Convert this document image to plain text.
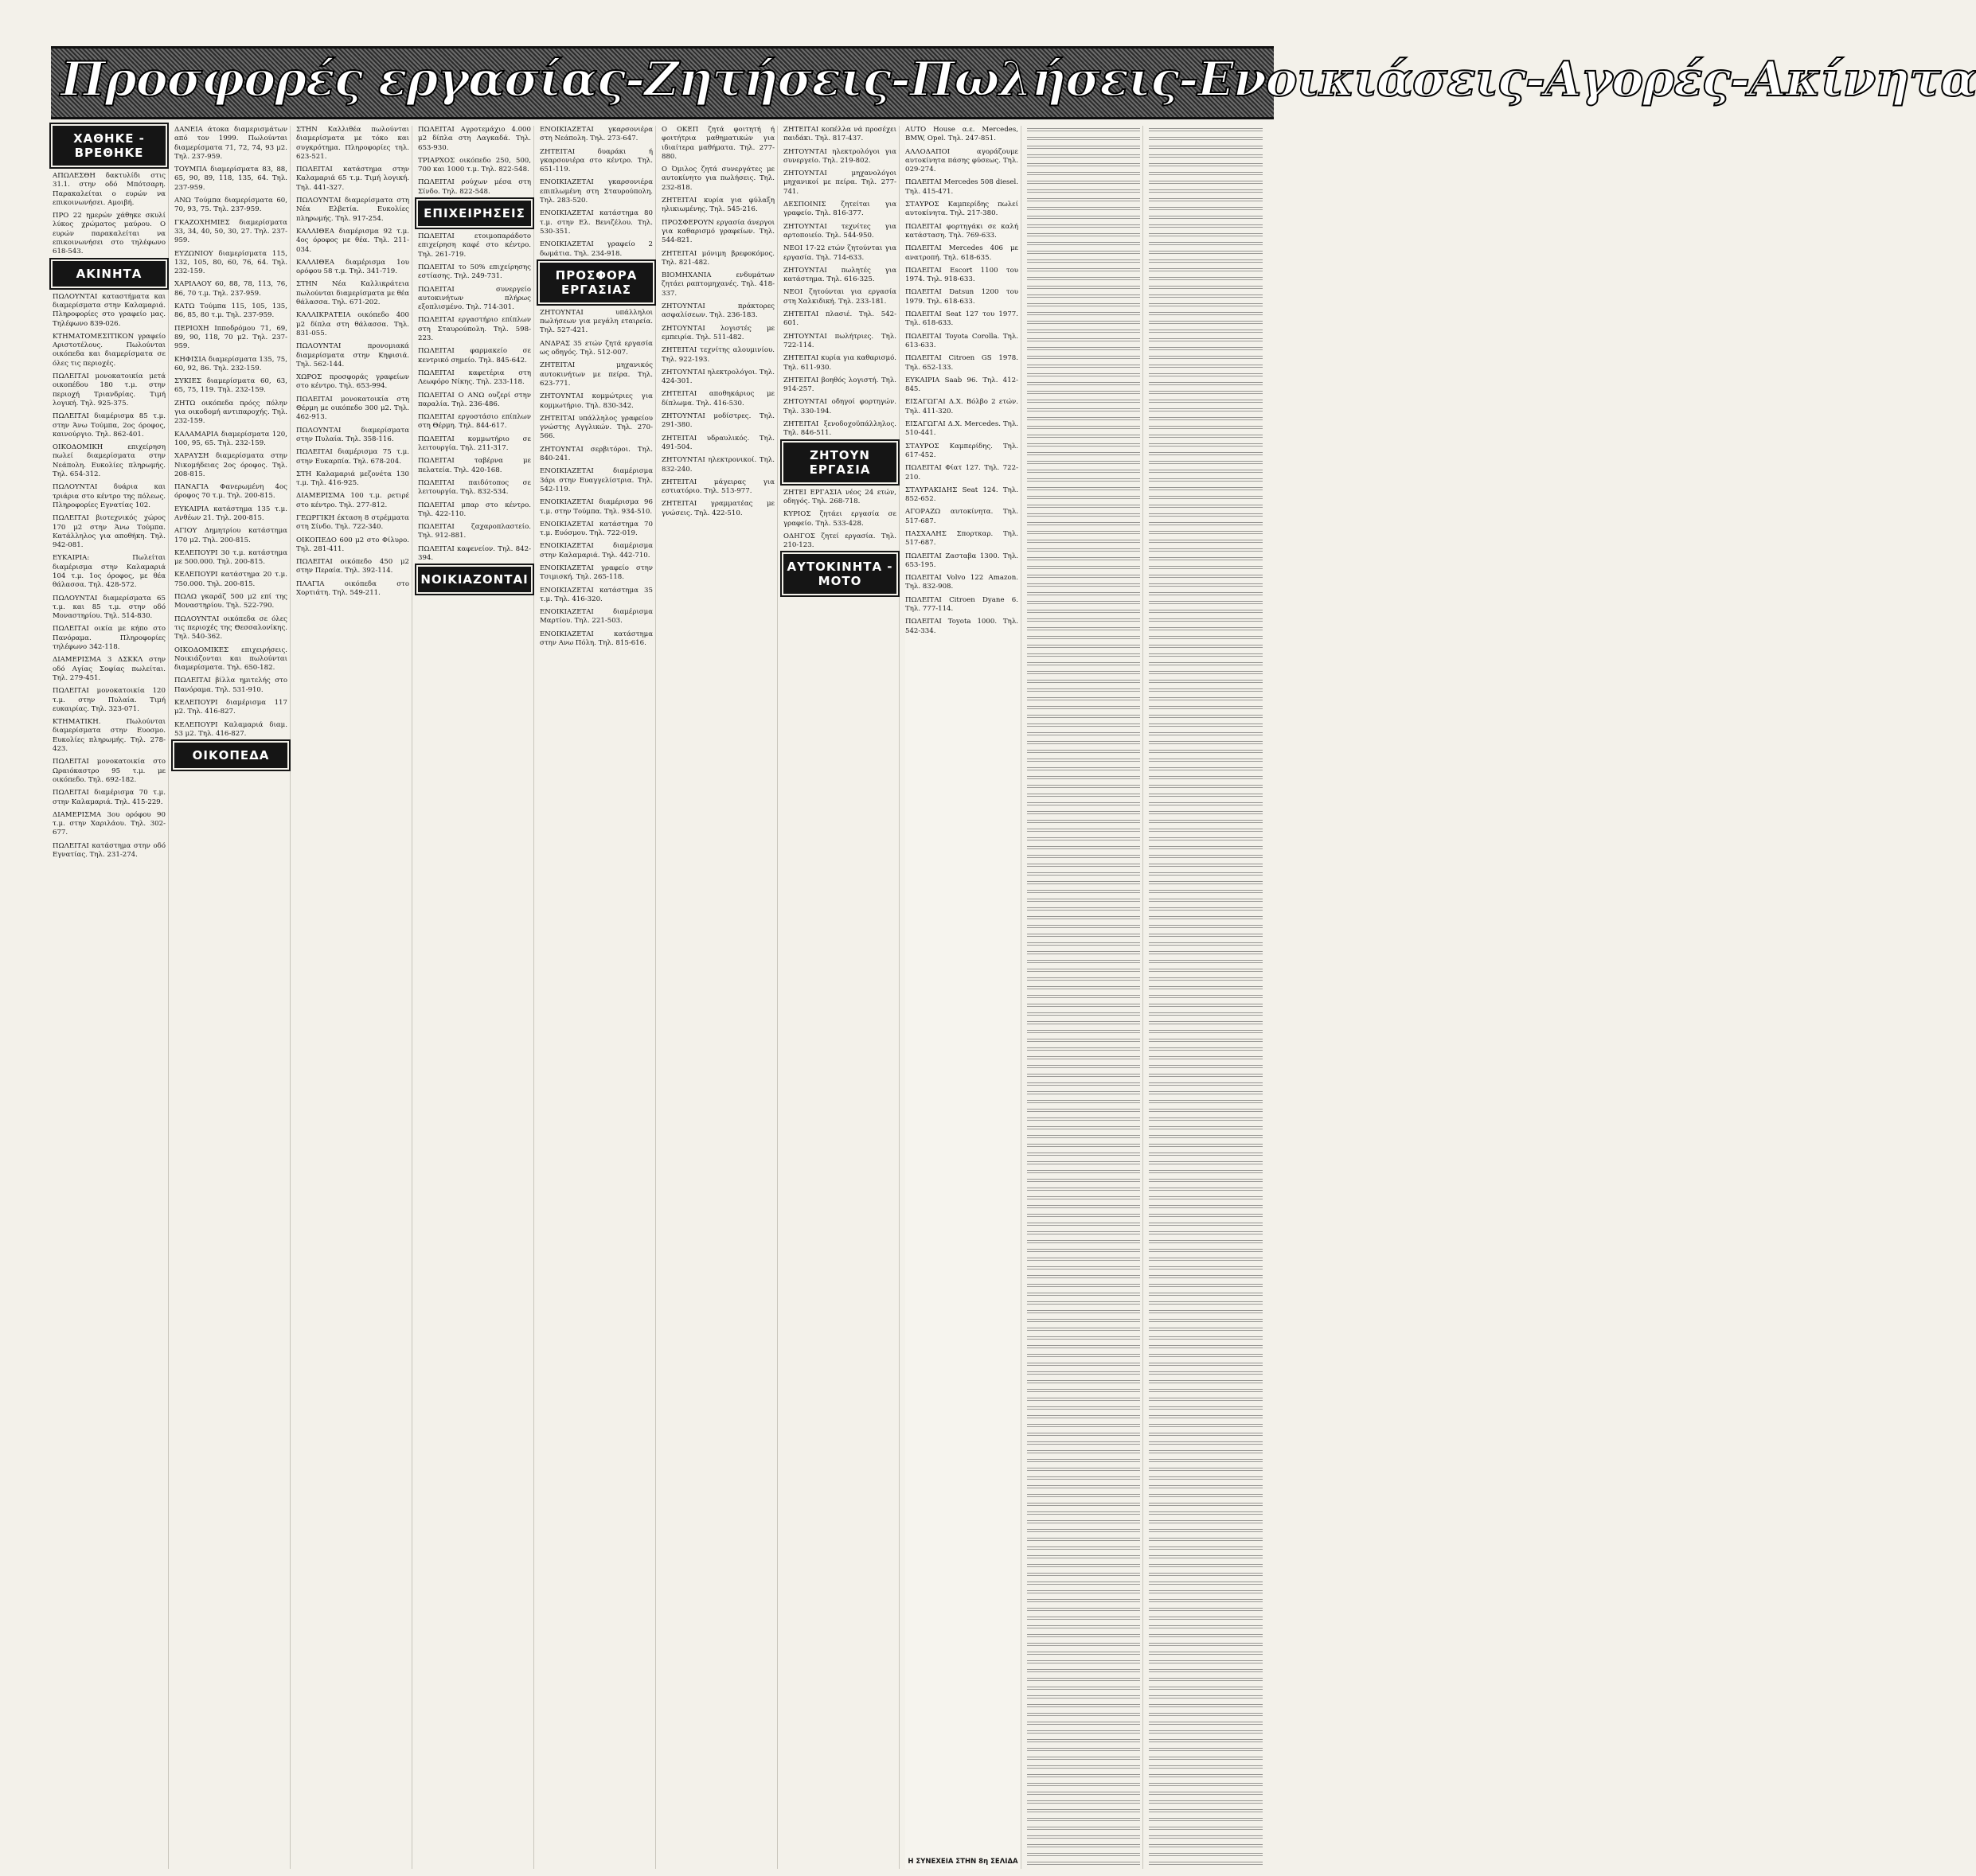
Προσφορές εργασίας-Ζητήσεις-Πωλήσεις-Ενοικιάσεις-Αγορές-Ακίνητα
ΧΑΘΗΚΕ - ΒΡΕΘΗΚΕ

ΑΠΩΛΕΣΘΗ δακτυλίδι στις 31.1. στην οδό Μπότσαρη. Παρακαλείται ο ευρών να επικοινωνήσει. Αμοιβή.

ΠΡΟ 22 ημερών χάθηκε σκυλί λύκος χρώματος μαύρου. Ο ευρών παρακαλείται να επικοινωνήσει στο τηλέφωνο 618-543.

ΑΚΙΝΗΤΑ

ΠΩΛΟΥΝΤΑΙ καταστήματα και διαμερίσματα στην Καλαμαριά. Πληροφορίες στο γραφείο μας. Τηλέφωνο 839-026.

ΚΤΗΜΑΤΟΜΕΣΙΤΙΚΟΝ γραφείο Αριστοτέλους. Πωλούνται οικόπεδα και διαμερίσματα σε όλες τις περιοχές.

ΠΩΛΕΙΤΑΙ μονοκατοικία μετά οικοπέδου 180 τ.μ. στην περιοχή Τριανδρίας. Τιμή λογική. Τηλ. 925-375.

ΠΩΛΕΙΤΑΙ διαμέρισμα 85 τ.μ. στην Άνω Τούμπα, 2ος όροφος, καινούργιο. Τηλ. 862-401.

ΟΙΚΟΔΟΜΙΚΗ επιχείρηση πωλεί διαμερίσματα στην Νεάπολη. Ευκολίες πληρωμής. Τηλ. 654-312.

ΠΩΛΟΥΝΤΑΙ δυάρια και τριάρια στο κέντρο της πόλεως. Πληροφορίες Εγνατίας 102.

ΠΩΛΕΙΤΑΙ βιοτεχνικός χώρος 170 μ2 στην Άνω Τούμπα. Κατάλληλος για αποθήκη. Τηλ. 942-081.

ΕΥΚΑΙΡΙΑ: Πωλείται διαμέρισμα στην Καλαμαριά 104 τ.μ. 1ος όροφος, με θέα θάλασσα. Τηλ. 428-572.

ΠΩΛΟΥΝΤΑΙ διαμερίσματα 65 τ.μ. και 85 τ.μ. στην οδό Μοναστηρίου. Τηλ. 514-830.

ΠΩΛΕΙΤΑΙ οικία με κήπο στο Πανόραμα. Πληροφορίες τηλέφωνο 342-118.

ΔΙΑΜΕΡΙΣΜΑ 3 ΔΣΚΚΛ στην οδό Αγίας Σοφίας πωλείται. Τηλ. 279-451.

ΠΩΛΕΙΤΑΙ μονοκατοικία 120 τ.μ. στην Πυλαία. Τιμή ευκαιρίας. Τηλ. 323-071.

ΚΤΗΜΑΤΙΚΗ. Πωλούνται διαμερίσματα στην Ευοσμο. Ευκολίες πληρωμής. Τηλ. 278-423.

ΠΩΛΕΙΤΑΙ μονοκατοικία στο Ωραιόκαστρο 95 τ.μ. με οικόπεδο. Τηλ. 692-182.

ΠΩΛΕΙΤΑΙ διαμέρισμα 70 τ.μ. στην Καλαμαριά. Τηλ. 415-229.

ΔΙΑΜΕΡΙΣΜΑ 3ου ορόφου 90 τ.μ. στην Χαριλάου. Τηλ. 302-677.

ΠΩΛΕΙΤΑΙ κατάστημα στην οδό Εγνατίας. Τηλ. 231-274.

ΔΑΝΕΙΑ άτοκα διαμερισμάτων από τον 1999. Πωλούνται διαμερίσματα 71, 72, 74, 93 μ2. Τηλ. 237-959.

ΤΟΥΜΠΑ διαμερίσματα 83, 88, 65, 90, 89, 118, 135, 64. Τηλ. 237-959.

ΑΝΩ Τούμπα διαμερίσματα 60, 70, 93, 75. Τηλ. 237-959.

ΓΚΑΖΟΧΗΜΙΕΣ διαμερίσματα 33, 34, 40, 50, 30, 27. Τηλ. 237-959.

ΕΥΖΩΝΙΟΥ διαμερίσματα 115, 132, 105, 80, 60, 76, 64. Τηλ. 232-159.

ΧΑΡΙΛΑΟΥ 60, 88, 78, 113, 76, 86, 70 τ.μ. Τηλ. 237-959.

ΚΑΤΩ Τούμπα 115, 105, 135, 86, 85, 80 τ.μ. Τηλ. 237-959.

ΠΕΡΙΟΧΗ Ιπποδρόμου 71, 69, 89, 90, 118, 70 μ2. Τηλ. 237-959.

ΚΗΦΙΣΙΑ διαμερίσματα 135, 75, 60, 92, 86. Τηλ. 232-159.

ΣΥΚΙΕΣ διαμερίσματα 60, 63, 65, 75, 119. Τηλ. 232-159.

ΖΗΤΩ οικόπεδα πρόςς πόλην για οικοδομή αντιπαροχής. Τηλ. 232-159.

ΚΑΛΑΜΑΡΙΑ διαμερίσματα 120, 100, 95, 65. Τηλ. 232-159.

ΧΑΡΑΥΣΗ διαμερίσματα στην Νικομήδειας 2ος όροφος. Τηλ. 208-815.

ΠΑΝΑΓΙΑ Φανερωμένη 4ος όροφος 70 τ.μ. Τηλ. 200-815.

ΕΥΚΑΙΡΙΑ κατάστημα 135 τ.μ. Ανθέων 21. Τηλ. 200-815.

ΑΓΙΟΥ Δημητρίου κατάστημα 170 μ2. Τηλ. 200-815.

ΚΕΛΕΠΟΥΡΙ 30 τ.μ. κατάστημα με 500.000. Τηλ. 200-815.

ΚΕΛΕΠΟΥΡΙ κατάστημα 20 τ.μ. 750.000. Τηλ. 200-815.

ΠΩΛΩ γκαράζ 500 μ2 επί της Μοναστηρίου. Τηλ. 522-790.

ΠΩΛΟΥΝΤΑΙ οικόπεδα σε όλες τις περιοχές της Θεσσαλονίκης. Τηλ. 540-362.

ΟΙΚΟΔΟΜΙΚΕΣ επιχειρήσεις. Νοικιάζονται και πωλούνται διαμερίσματα. Τηλ. 650-182.

ΠΩΛΕΙΤΑΙ βίλλα ημιτελής στο Πανόραμα. Τηλ. 531-910.

ΚΕΛΕΠΟΥΡΙ διαμέρισμα 117 μ2. Τηλ. 416-827.

ΚΕΛΕΠΟΥΡΙ Καλαμαριά διαμ. 53 μ2. Τηλ. 416-827.

ΟΙΚΟΠΕΔΑ

ΣΤΗΝ Καλλιθέα πωλούνται διαμερίσματα με τόκο και συγκρότημα. Πληροφορίες τηλ. 623-521.

ΠΩΛΕΙΤΑΙ κατάστημα στην Καλαμαριά 65 τ.μ. Τιμή λογική. Τηλ. 441-327.

ΠΩΛΟΥΝΤΑΙ διαμερίσματα στη Νέα Ελβετία. Ευκολίες πληρωμής. Τηλ. 917-254.

ΚΑΛΛΙΘΕΑ διαμέρισμα 92 τ.μ. 4ος όροφος με θέα. Τηλ. 211-034.

ΚΑΛΛΙΘΕΑ διαμέρισμα 1ου ορόφου 58 τ.μ. Τηλ. 341-719.

ΣΤΗΝ Νέα Καλλικράτεια πωλούνται διαμερίσματα με θέα θάλασσα. Τηλ. 671-202.

ΚΑΛΛΙΚΡΑΤΕΙΑ οικόπεδο 400 μ2 δίπλα στη θάλασσα. Τηλ. 831-055.

ΠΩΛΟΥΝΤΑΙ προνομιακά διαμερίσματα στην Κηφισιά. Τηλ. 562-144.

ΧΩΡΟΣ προσφοράς γραφείων στο κέντρο. Τηλ. 653-994.

ΠΩΛΕΙΤΑΙ μονοκατοικία στη Θέρμη με οικόπεδο 300 μ2. Τηλ. 462-913.

ΠΩΛΟΥΝΤΑΙ διαμερίσματα στην Πυλαία. Τηλ. 358-116.

ΠΩΛΕΙΤΑΙ διαμέρισμα 75 τ.μ. στην Ευκαρπία. Τηλ. 678-204.

ΣΤΗ Καλαμαριά μεζονέτα 130 τ.μ. Τηλ. 416-925.

ΔΙΑΜΕΡΙΣΜΑ 100 τ.μ. ρετιρέ στο κέντρο. Τηλ. 277-812.

ΓΕΩΡΓΙΚΗ έκταση 8 στρέμματα στη Σίνδο. Τηλ. 722-340.

ΟΙΚΟΠΕΔΟ 600 μ2 στο Φίλυρο. Τηλ. 281-411.

ΠΩΛΕΙΤΑΙ οικόπεδο 450 μ2 στην Περαία. Τηλ. 392-114.

ΠΛΑΓΙΑ οικόπεδα στο Χορτιάτη. Τηλ. 549-211.

ΠΩΛΕΙΤΑΙ Αγροτεμάχιο 4.000 μ2 δίπλα στη Λαγκαδά. Τηλ. 653-930.

ΤΡΙΑΡΧΟΣ οικόπεδο 250, 500, 700 και 1000 τ.μ. Τηλ. 822-548.

ΠΩΛΕΙΤΑΙ ρούχων μέσα στη Σίνδο. Τηλ. 822-548.

ΕΠΙΧΕΙΡΗΣΕΙΣ

ΠΩΛΕΙΤΑΙ ετοιμοπαράδοτο επιχείρηση καφέ στο κέντρο. Τηλ. 261-719.

ΠΩΛΕΙΤΑΙ το 50% επιχείρησης εστίασης. Τηλ. 249-731.

ΠΩΛΕΙΤΑΙ συνεργείο αυτοκινήτων πλήρως εξοπλισμένο. Τηλ. 714-301.

ΠΩΛΕΙΤΑΙ εργαστήριο επίπλων στη Σταυρούπολη. Τηλ. 598-223.

ΠΩΛΕΙΤΑΙ φαρμακείο σε κεντρικό σημείο. Τηλ. 845-642.

ΠΩΛΕΙΤΑΙ καφετέρια στη Λεωφόρο Νίκης. Τηλ. 233-118.

ΠΩΛΕΙΤΑΙ Ο ΑΝΩ ουζερί στην παραλία. Τηλ. 236-486.

ΠΩΛΕΙΤΑΙ εργοστάσιο επίπλων στη Θέρμη. Τηλ. 844-617.

ΠΩΛΕΙΤΑΙ κομμωτήριο σε λειτουργία. Τηλ. 211-317.

ΠΩΛΕΙΤΑΙ ταβέρνα με πελατεία. Τηλ. 420-168.

ΠΩΛΕΙΤΑΙ παιδότοπος σε λειτουργία. Τηλ. 832-534.

ΠΩΛΕΙΤΑΙ μπαρ στο κέντρο. Τηλ. 422-110.

ΠΩΛΕΙΤΑΙ ζαχαροπλαστείο. Τηλ. 912-881.

ΠΩΛΕΙΤΑΙ καφενείον. Τηλ. 842-394.

ΝΟΙΚΙΑΖΟΝΤΑΙ

ΕΝΟΙΚΙΑΖΕΤΑΙ γκαρσονιέρα στη Νεάπολη. Τηλ. 273-647.

ΖΗΤΕΙΤΑΙ δυαράκι ή γκαρσονιέρα στο κέντρο. Τηλ. 651-119.

ΕΝΟΙΚΙΑΖΕΤΑΙ γκαρσονιέρα επιπλωμένη στη Σταυρούπολη. Τηλ. 283-520.

ΕΝΟΙΚΙΑΖΕΤΑΙ κατάστημα 80 τ.μ. στην Ελ. Βενιζέλου. Τηλ. 530-351.

ΕΝΟΙΚΙΑΖΕΤΑΙ γραφείο 2 δωμάτια. Τηλ. 234-918.

ΠΡΟΣΦΟΡΑ ΕΡΓΑΣΙΑΣ

ΖΗΤΟΥΝΤΑΙ υπάλληλοι πωλήσεων για μεγάλη εταιρεία. Τηλ. 527-421.

ΑΝΔΡΑΣ 35 ετών ζητά εργασία ως οδηγός. Τηλ. 512-007.

ΖΗΤΕΙΤΑΙ μηχανικός αυτοκινήτων με πείρα. Τηλ. 623-771.

ΖΗΤΟΥΝΤΑΙ κομμώτριες για κομμωτήριο. Τηλ. 830-342.

ΖΗΤΕΙΤΑΙ υπάλληλος γραφείου γνώστης Αγγλικών. Τηλ. 270-566.

ΖΗΤΟΥΝΤΑΙ σερβιτόροι. Τηλ. 840-241.

ΕΝΟΙΚΙΑΖΕΤΑΙ διαμέρισμα 3άρι στην Ευαγγελίστρια. Τηλ. 542-119.

ΕΝΟΙΚΙΑΖΕΤΑΙ διαμέρισμα 96 τ.μ. στην Τούμπα. Τηλ. 934-510.

ΕΝΟΙΚΙΑΖΕΤΑΙ κατάστημα 70 τ.μ. Ευόσμου. Τηλ. 722-019.

ΕΝΟΙΚΙΑΖΕΤΑΙ διαμέρισμα στην Καλαμαριά. Τηλ. 442-710.

ΕΝΟΙΚΙΑΖΕΤΑΙ γραφείο στην Τσιμισκή. Τηλ. 265-118.

ΕΝΟΙΚΙΑΖΕΤΑΙ κατάστημα 35 τ.μ. Τηλ. 416-320.

ΕΝΟΙΚΙΑΖΕΤΑΙ διαμέρισμα Μαρτίου. Τηλ. 221-503.

ΕΝΟΙΚΙΑΖΕΤΑΙ κατάστημα στην Ανω Πόλη. Τηλ. 815-616.

Ο ΟΚΕΠ ζητά φοιτητή ή φοιτήτρια μαθηματικών για ιδιαίτερα μαθήματα. Τηλ. 277-880.

Ο Όμιλος ζητά συνεργάτες με αυτοκίνητο για πωλήσεις. Τηλ. 232-818.

ΖΗΤΕΙΤΑΙ κυρία για φύλαξη ηλικιωμένης. Τηλ. 545-216.

ΠΡΟΣΦΕΡΟΥΝ εργασία άνεργοι για καθαρισμό γραφείων. Τηλ. 544-821.

ΖΗΤΕΙΤΑΙ μόνιμη βρεφοκόμος. Τηλ. 821-482.

ΒΙΟΜΗΧΑΝΙΑ ενδυμάτων ζητάει ραπτομηχανές. Τηλ. 418-337.

ΖΗΤΟΥΝΤΑΙ πράκτορες ασφαλίσεων. Τηλ. 236-183.

ΖΗΤΟΥΝΤΑΙ λογιστές με εμπειρία. Τηλ. 511-482.

ΖΗΤΕΙΤΑΙ τεχνίτης αλουμινίου. Τηλ. 922-193.

ΖΗΤΟΥΝΤΑΙ ηλεκτρολόγοι. Τηλ. 424-301.

ΖΗΤΕΙΤΑΙ αποθηκάριος με δίπλωμα. Τηλ. 416-530.

ΖΗΤΟΥΝΤΑΙ μοδίστρες. Τηλ. 291-380.

ΖΗΤΕΙΤΑΙ υδραυλικός. Τηλ. 491-504.

ΖΗΤΟΥΝΤΑΙ ηλεκτρονικοί. Τηλ. 832-240.

ΖΗΤΕΙΤΑΙ μάγειρας για εστιατόριο. Τηλ. 513-977.

ΖΗΤΕΙΤΑΙ γραμματέας με γνώσεις. Τηλ. 422-510.

ΖΗΤΕΙΤΑΙ κοπέλλα νά προσέχει παιδάκι. Τηλ. 817-437.

ΖΗΤΟΥΝΤΑΙ ηλεκτρολόγοι για συνεργείο. Τηλ. 219-802.

ΖΗΤΟΥΝΤΑΙ μηχανολόγοι μηχανικοί με πείρα. Τηλ. 277-741.

ΔΕΣΠΟΙΝΙΣ ζητείται για γραφείο. Τηλ. 816-377.

ΖΗΤΟΥΝΤΑΙ τεχνίτες για αρτοποιείο. Τηλ. 544-950.

ΝΕΟΙ 17-22 ετών ζητούνται για εργασία. Τηλ. 714-633.

ΖΗΤΟΥΝΤΑΙ πωλητές για κατάστημα. Τηλ. 616-325.

ΝΕΟΙ ζητούνται για εργασία στη Χαλκιδική. Τηλ. 233-181.

ΖΗΤΕΙΤΑΙ πλασιέ. Τηλ. 542-601.

ΖΗΤΟΥΝΤΑΙ πωλήτριες. Τηλ. 722-114.

ΖΗΤΕΙΤΑΙ κυρία για καθαρισμό. Τηλ. 611-930.

ΖΗΤΕΙΤΑΙ βοηθός λογιστή. Τηλ. 914-257.

ΖΗΤΟΥΝΤΑΙ οδηγοί φορτηγών. Τηλ. 330-194.

ΖΗΤΕΙΤΑΙ ξενοδοχοϋπάλληλος. Τηλ. 846-511.

ΖΗΤΟΥΝ ΕΡΓΑΣΙΑ

ΖΗΤΕΙ ΕΡΓΑΣΙΑ νέος 24 ετών, οδηγός. Τηλ. 268-718.

ΚΥΡΙΟΣ ζητάει εργασία σε γραφείο. Τηλ. 533-428.

ΟΔΗΓΟΣ ζητεί εργασία. Τηλ. 210-123.

ΑΥΤΟΚΙΝΗΤΑ - ΜΟΤΟ

AUTO House α.ε. Mercedes, BMW, Opel. Τηλ. 247-851.

ΑΛΛΟΔΑΠΟΙ αγοράζουμε αυτοκίνητα πάσης φύσεως. Τηλ. 029-274.

ΠΩΛΕΙΤΑΙ Mercedes 508 diesel. Τηλ. 415-471.

ΣΤΑΥΡΟΣ Καμπερίδης πωλεί αυτοκίνητα. Τηλ. 217-380.

ΠΩΛΕΙΤΑΙ φορτηγάκι σε καλή κατάσταση. Τηλ. 769-633.

ΠΩΛΕΙΤΑΙ Mercedes 406 με ανατροπή. Τηλ. 618-635.

ΠΩΛΕΙΤΑΙ Escort 1100 του 1974. Τηλ. 918-633.

ΠΩΛΕΙΤΑΙ Datsun 1200 του 1979. Τηλ. 618-633.

ΠΩΛΕΙΤΑΙ Seat 127 του 1977. Τηλ. 618-633.

ΠΩΛΕΙΤΑΙ Toyota Corolla. Τηλ. 613-633.

ΠΩΛΕΙΤΑΙ Citroen GS 1978. Τηλ. 652-133.

ΕΥΚΑΙΡΙΑ Saab 96. Τηλ. 412-845.

ΕΙΣΑΓΩΓΑΙ Δ.Χ. Βόλβο 2 ετών. Τηλ. 411-320.

ΕΙΣΑΓΩΓΑΙ Δ.Χ. Mercedes. Τηλ. 510-441.

ΣΤΑΥΡΟΣ Καμπερίδης. Τηλ. 617-452.

ΠΩΛΕΙΤΑΙ Φίατ 127. Τηλ. 722-210.

ΣΤΑΥΡΑΚΙΔΗΣ Seat 124. Τηλ. 852-652.

ΑΓΟΡΑΖΩ αυτοκίνητα. Τηλ. 517-687.

ΠΑΣΧΑΛΗΣ Σπορτκαρ. Τηλ. 517-687.

ΠΩΛΕΙΤΑΙ Ζασταβα 1300. Τηλ. 653-195.

ΠΩΛΕΙΤΑΙ Volvo 122 Amazon. Τηλ. 832-908.

ΠΩΛΕΙΤΑΙ Citroen Dyane 6. Τηλ. 777-114.

ΠΩΛΕΙΤΑΙ Toyota 1000. Τηλ. 542-334.

Η ΣΥΝΕΧΕΙΑ ΣΤΗΝ 8η ΣΕΛΙΔΑ
